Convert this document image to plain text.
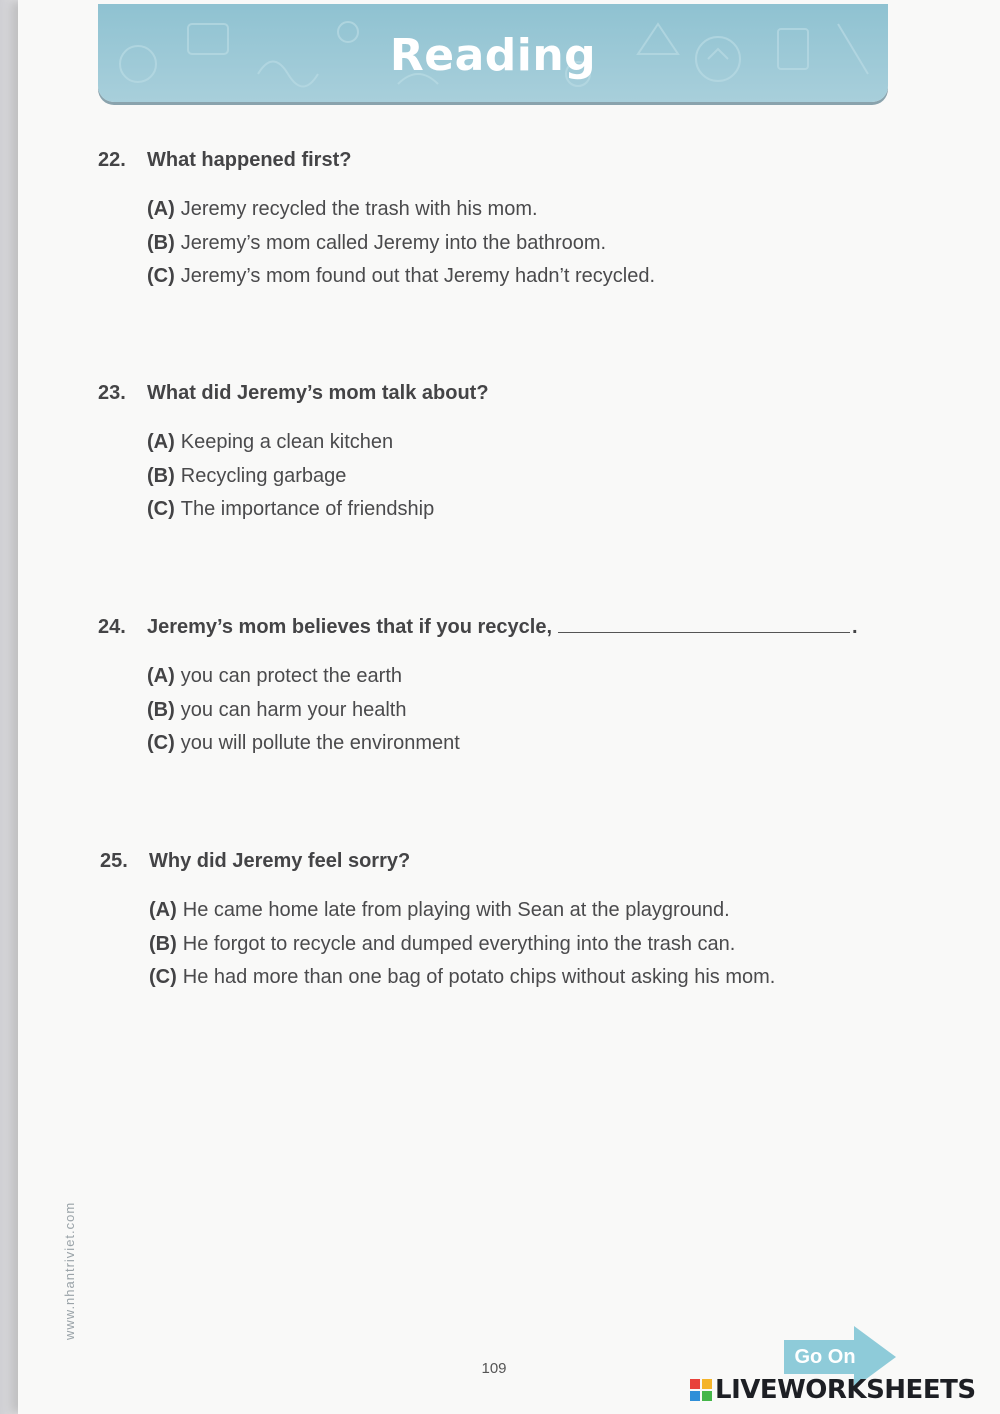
Reading
22.	What happened first?
(A) Jeremy recycled the trash with his mom.
(B) Jeremy’s mom called Jeremy into the bathroom.
(C) Jeremy’s mom found out that Jeremy hadn’t recycled.
23.	What did Jeremy’s mom talk about?
(A) Keeping a clean kitchen
(B) Recycling garbage
(C) The importance of friendship
24.	Jeremy’s mom believes that if you recycle,	.
(A) you can protect the earth
(B) you can harm your health
(C) you will pollute the environment
25.	Why did Jeremy feel sorry?
(A) He came home late from playing with Sean at the playground.
(B) He forgot to recycle and dumped everything into the trash can.
(C) He had more than one bag of potato chips without asking his mom.
www.nhantriviet.com
109
Go On
LIVEWORKSHEETS
